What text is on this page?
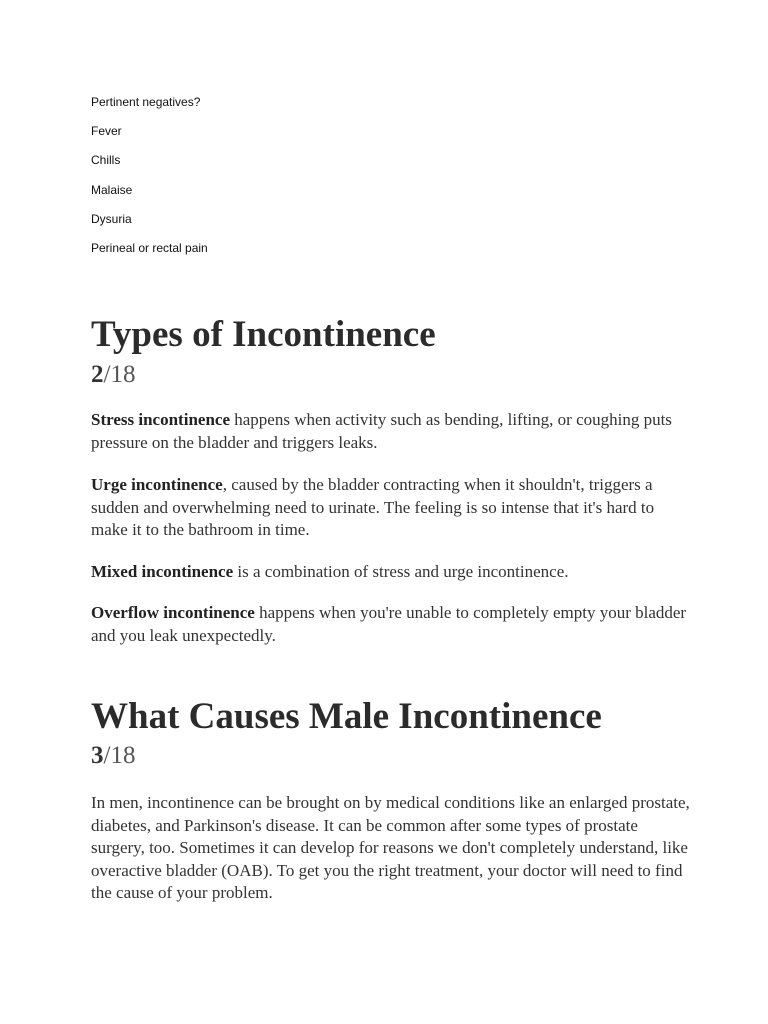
Pertinent negatives?
Fever
Chills
Malaise
Dysuria
Perineal or rectal pain
Types of Incontinence
2/18

Stress incontinence happens when activity such as bending, lifting, or coughing puts pressure on the bladder and triggers leaks.

Urge incontinence, caused by the bladder contracting when it shouldn't, triggers a sudden and overwhelming need to urinate. The feeling is so intense that it's hard to make it to the bathroom in time.

Mixed incontinence is a combination of stress and urge incontinence.

Overflow incontinence happens when you're unable to completely empty your bladder and you leak unexpectedly.

What Causes Male Incontinence
3/18

In men, incontinence can be brought on by medical conditions like an enlarged prostate, diabetes, and Parkinson's disease. It can be common after some types of prostate surgery, too. Sometimes it can develop for reasons we don't completely understand, like overactive bladder (OAB). To get you the right treatment, your doctor will need to find the cause of your problem.
